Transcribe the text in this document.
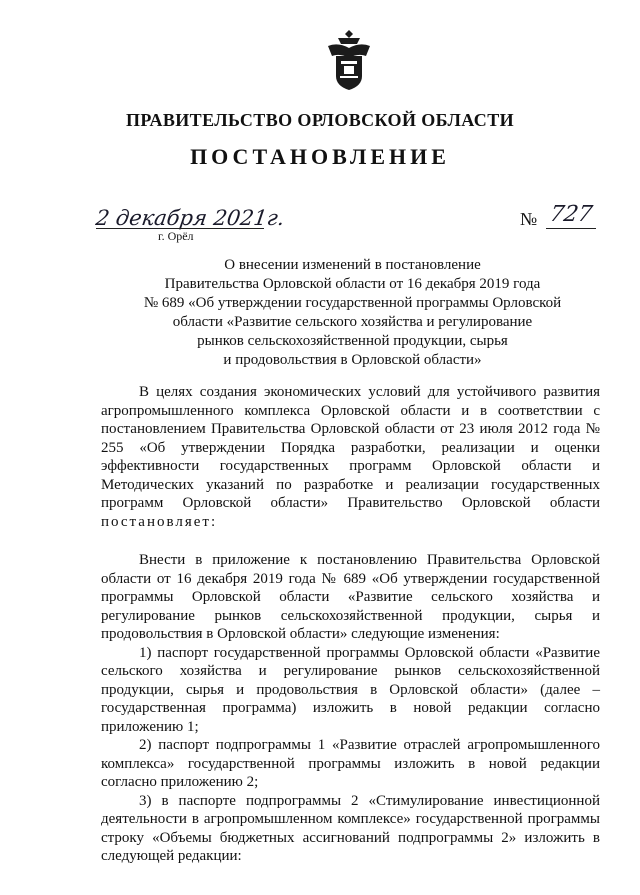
ПРАВИТЕЛЬСТВО ОРЛОВСКОЙ ОБЛАСТИ
ПОСТАНОВЛЕНИЕ
2 декабря 2021г.
г. Орёл
№ 727
О внесении изменений в постановление
Правительства Орловской области от 16 декабря 2019 года
№ 689 «Об утверждении государственной программы Орловской
области «Развитие сельского хозяйства и регулирование
рынков сельскохозяйственной продукции, сырья
и продовольствия в Орловской области»

В целях создания экономических условий для устойчивого развития агропромышленного комплекса Орловской области и в соответствии с постановлением Правительства Орловской области от 23 июля 2012 года № 255 «Об утверждении Порядка разработки, реализации и оценки эффективности государственных программ Орловской области и Методических указаний по разработке и реализации государственных программ Орловской области» Правительство Орловской области постановляет:

Внести в приложение к постановлению Правительства Орловской области от 16 декабря 2019 года № 689 «Об утверждении государственной программы Орловской области «Развитие сельского хозяйства и регулирование рынков сельскохозяйственной продукции, сырья и продовольствия в Орловской области» следующие изменения:

1) паспорт государственной программы Орловской области «Развитие сельского хозяйства и регулирование рынков сельскохозяйственной продукции, сырья и продовольствия в Орловской области» (далее – государственная программа) изложить в новой редакции согласно приложению 1;

2) паспорт подпрограммы 1 «Развитие отраслей агропромышленного комплекса» государственной программы изложить в новой редакции согласно приложению 2;

3) в паспорте подпрограммы 2 «Стимулирование инвестиционной деятельности в агропромышленном комплексе» государственной программы строку «Объемы бюджетных ассигнований подпрограммы 2» изложить в следующей редакции:
